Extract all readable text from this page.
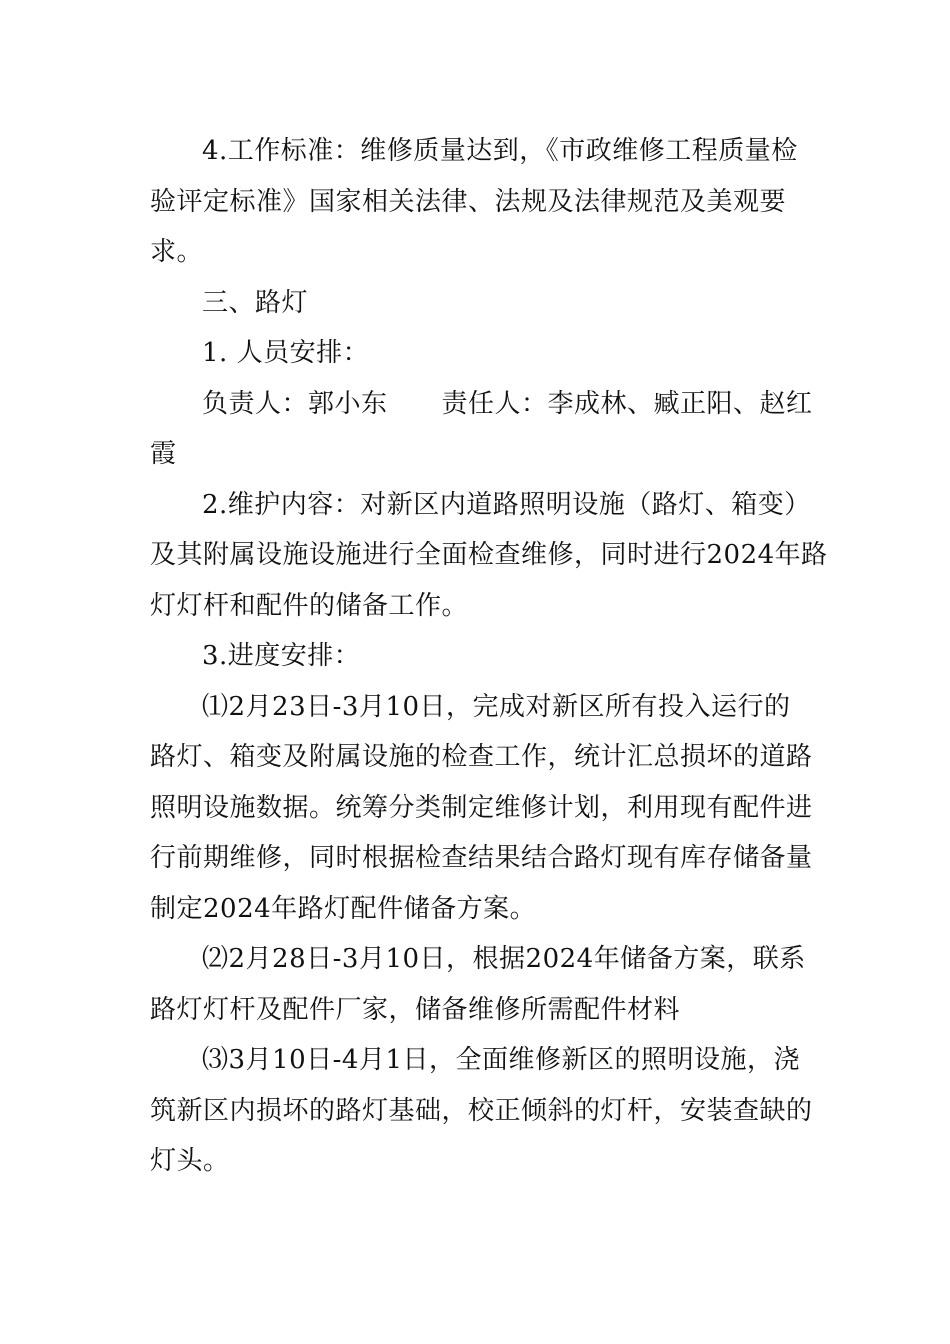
4.工作标准：维修质量达到，《市政维修工程质量检
验评定标准》国家相关法律、法规及法律规范及美观要
求。

三、路灯

1. 人员安排：

负责人：郭小东 责任人：李成林、臧正阳、赵红
霞

2.维护内容：对新区内道路照明设施（路灯、箱变）
及其附属设施设施进行全面检查维修，同时进行2024年路
灯灯杆和配件的储备工作。

3.进度安排：

⑴2月23日-3月10日，完成对新区所有投入运行的
路灯、箱变及附属设施的检查工作，统计汇总损坏的道路
照明设施数据。统筹分类制定维修计划，利用现有配件进
行前期维修，同时根据检查结果结合路灯现有库存储备量
制定2024年路灯配件储备方案。

⑵2月28日-3月10日，根据2024年储备方案，联系
路灯灯杆及配件厂家，储备维修所需配件材料

⑶3月10日-4月1日，全面维修新区的照明设施，浇
筑新区内损坏的路灯基础，校正倾斜的灯杆，安装查缺的
灯头。
